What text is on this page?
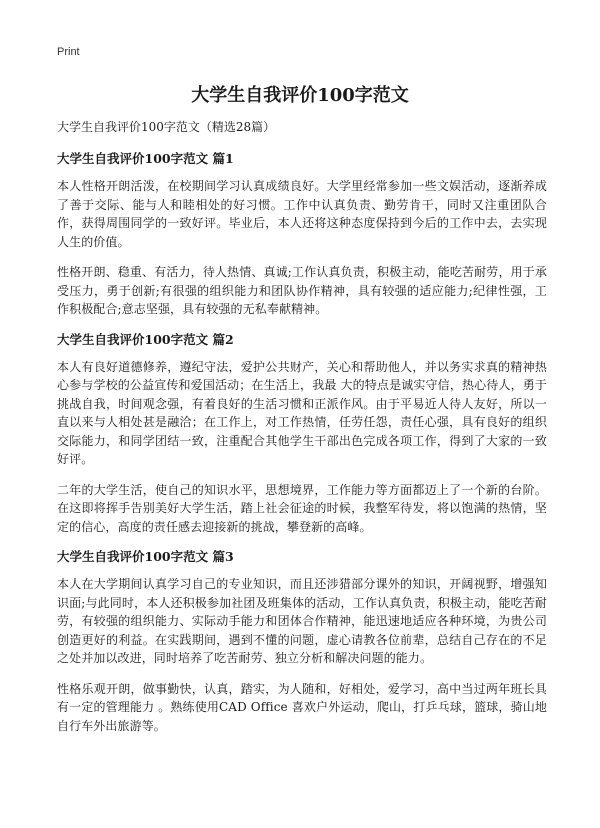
Print
大学生自我评价100字范文

大学生自我评价100字范文（精选28篇）

大学生自我评价100字范文 篇1

本人性格开朗活泼，在校期间学习认真成绩良好。大学里经常参加一些文娱活动，逐渐养成了善于交际、能与人和睦相处的好习惯。工作中认真负责、勤劳肯干，同时又注重团队合作，获得周围同学的一致好评。毕业后，本人还将这种态度保持到今后的工作中去，去实现人生的价值。

性格开朗、稳重、有活力，待人热情、真诚;工作认真负责，积极主动，能吃苦耐劳，用于承受压力，勇于创新;有很强的组织能力和团队协作精神，具有较强的适应能力;纪律性强，工作积极配合;意志坚强，具有较强的无私奉献精神。

大学生自我评价100字范文 篇2

本人有良好道德修养，遵纪守法，爱护公共财产，关心和帮助他人，并以务实求真的精神热心参与学校的公益宣传和爱国活动；在生活上，我最 大的特点是诚实守信，热心待人，勇于挑战自我，时间观念强，有着良好的生活习惯和正派作风。由于平易近人待人友好，所以一直以来与人相处甚是融洽；在工作上，对工作热情，任劳任怨，责任心强，具有良好的组织交际能力，和同学团结一致，注重配合其他学生干部出色完成各项工作，得到了大家的一致好评。

二年的大学生活，使自己的知识水平，思想境界，工作能力等方面都迈上了一个新的台阶。在这即将挥手告别美好大学生活，踏上社会征途的时候，我整军待发，将以饱满的热情，坚定的信心，高度的责任感去迎接新的挑战，攀登新的高峰。

大学生自我评价100字范文 篇3

本人在大学期间认真学习自己的专业知识，而且还涉猎部分课外的知识，开阔视野，增强知识面;与此同时，本人还积极参加社团及班集体的活动，工作认真负责，积极主动，能吃苦耐劳，有较强的组织能力、实际动手能力和团体合作精神，能迅速地适应各种环境，为贵公司创造更好的利益。在实践期间，遇到不懂的问题，虚心请教各位前辈，总结自己存在的不足之处并加以改进，同时培养了吃苦耐劳、独立分析和解决问题的能力。

性格乐观开朗，做事勤快，认真，踏实，为人随和，好相处，爱学习，高中当过两年班长具有一定的管理能力 。熟练使用CAD Office 喜欢户外运动，爬山，打乒乓球，篮球，骑山地自行车外出旅游等。
